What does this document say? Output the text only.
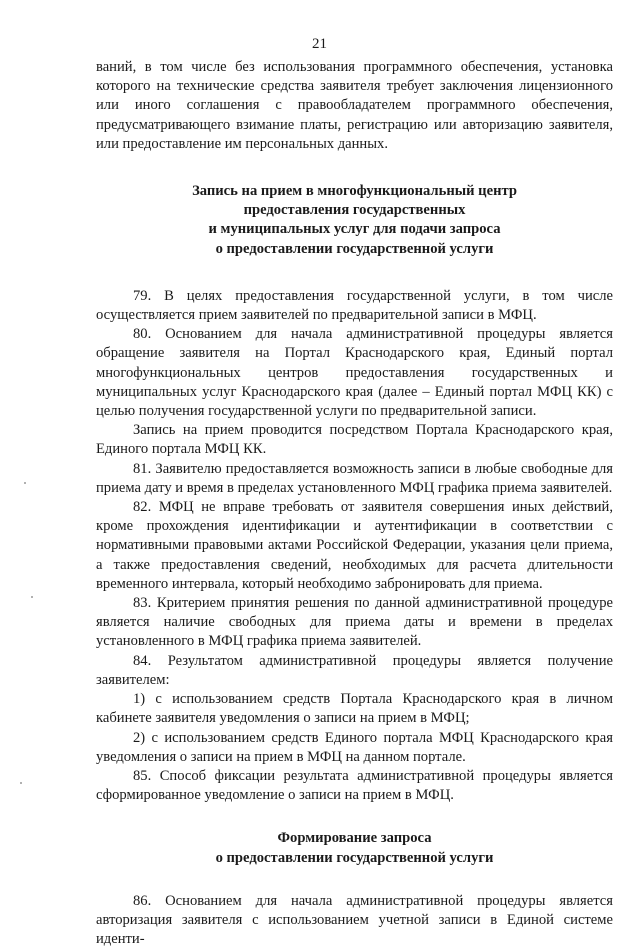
21

ваний, в том числе без использования программного обеспечения, установка которого на технические средства заявителя требует заключения лицензионного или иного соглашения с правообладателем программного обеспечения, предусматривающего взимание платы, регистрацию или авторизацию заявителя, или предоставление им персональных данных.

Запись на прием в многофункциональный центр

предоставления государственных

и муниципальных услуг для подачи запроса

о предоставлении государственной услуги

79. В целях предоставления государственной услуги, в том числе осуществляется прием заявителей по предварительной записи в МФЦ.

80. Основанием для начала административной процедуры является обращение заявителя на Портал Краснодарского края, Единый портал многофункциональных центров предоставления государственных и муниципальных услуг Краснодарского края (далее – Единый портал МФЦ КК) с целью получения государственной услуги по предварительной записи.

Запись на прием проводится посредством Портала Краснодарского края, Единого портала МФЦ КК.

81. Заявителю предоставляется возможность записи в любые свободные для приема дату и время в пределах установленного МФЦ графика приема заявителей.

82. МФЦ не вправе требовать от заявителя совершения иных действий, кроме прохождения идентификации и аутентификации в соответствии с нормативными правовыми актами Российской Федерации, указания цели приема, а также предоставления сведений, необходимых для расчета длительности временного интервала, который необходимо забронировать для приема.

83. Критерием принятия решения по данной административной процедуре является наличие свободных для приема даты и времени в пределах установленного в МФЦ графика приема заявителей.

84. Результатом административной процедуры является получение заявителем:

1) с использованием средств Портала Краснодарского края в личном кабинете заявителя уведомления о записи на прием в МФЦ;

2) с использованием средств Единого портала МФЦ Краснодарского края уведомления о записи на прием в МФЦ на данном портале.

85. Способ фиксации результата административной процедуры является сформированное уведомление о записи на прием в МФЦ.

Формирование запроса

о предоставлении государственной услуги

86. Основанием для начала административной процедуры является авторизация заявителя с использованием учетной записи в Единой системе иденти-
